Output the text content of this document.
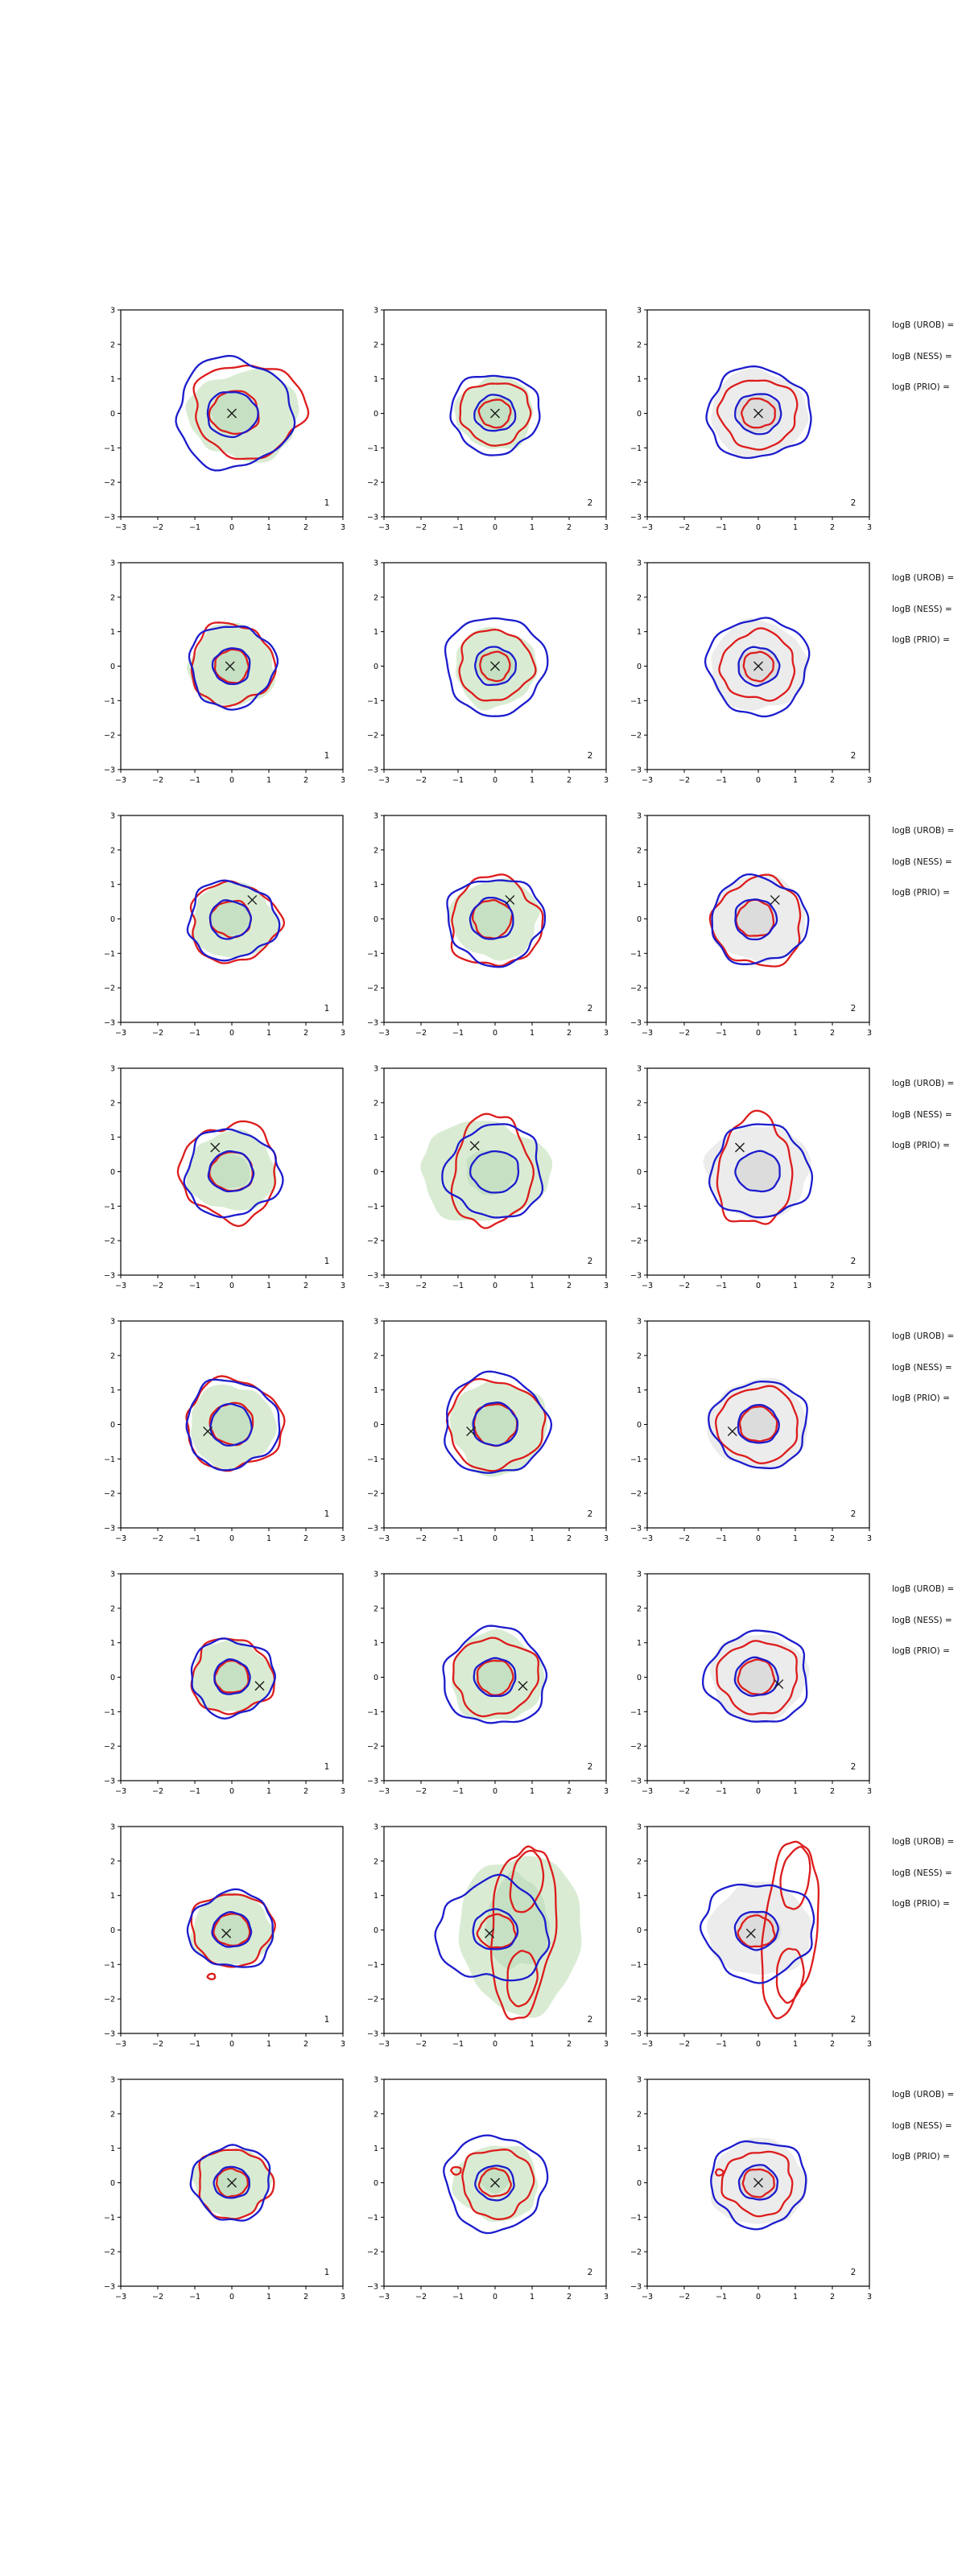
−3
−3
−2
−2
−1
−1
0
0
1
1
2
2
3
3
1
−3
−3
−2
−2
−1
−1
0
0
1
1
2
2
3
3
2
−3
−3
−2
−2
−1
−1
0
0
1
1
2
2
3
3
2
−3
−3
−2
−2
−1
−1
0
0
1
1
2
2
3
3
1
−3
−3
−2
−2
−1
−1
0
0
1
1
2
2
3
3
2
−3
−3
−2
−2
−1
−1
0
0
1
1
2
2
3
3
2
−3
−3
−2
−2
−1
−1
0
0
1
1
2
2
3
3
1
−3
−3
−2
−2
−1
−1
0
0
1
1
2
2
3
3
2
−3
−3
−2
−2
−1
−1
0
0
1
1
2
2
3
3
2
−3
−3
−2
−2
−1
−1
0
0
1
1
2
2
3
3
1
−3
−3
−2
−2
−1
−1
0
0
1
1
2
2
3
3
2
−3
−3
−2
−2
−1
−1
0
0
1
1
2
2
3
3
2
−3
−3
−2
−2
−1
−1
0
0
1
1
2
2
3
3
1
−3
−3
−2
−2
−1
−1
0
0
1
1
2
2
3
3
2
−3
−3
−2
−2
−1
−1
0
0
1
1
2
2
3
3
2
−3
−3
−2
−2
−1
−1
0
0
1
1
2
2
3
3
1
−3
−3
−2
−2
−1
−1
0
0
1
1
2
2
3
3
2
−3
−3
−2
−2
−1
−1
0
0
1
1
2
2
3
3
2
−3
−3
−2
−2
−1
−1
0
0
1
1
2
2
3
3
1
−3
−3
−2
−2
−1
−1
0
0
1
1
2
2
3
3
2
−3
−3
−2
−2
−1
−1
0
0
1
1
2
2
3
3
2
−3
−3
−2
−2
−1
−1
0
0
1
1
2
2
3
3
1
−3
−3
−2
−2
−1
−1
0
0
1
1
2
2
3
3
2
−3
−3
−2
−2
−1
−1
0
0
1
1
2
2
3
3
2
logB (UROB) =
logB (NESS) =
logB (PRIO) =
logB (UROB) =
logB (NESS) =
logB (PRIO) =
logB (UROB) =
logB (NESS) =
logB (PRIO) =
logB (UROB) =
logB (NESS) =
logB (PRIO) =
logB (UROB) =
logB (NESS) =
logB (PRIO) =
logB (UROB) =
logB (NESS) =
logB (PRIO) =
logB (UROB) =
logB (NESS) =
logB (PRIO) =
logB (UROB) =
logB (NESS) =
logB (PRIO) =
